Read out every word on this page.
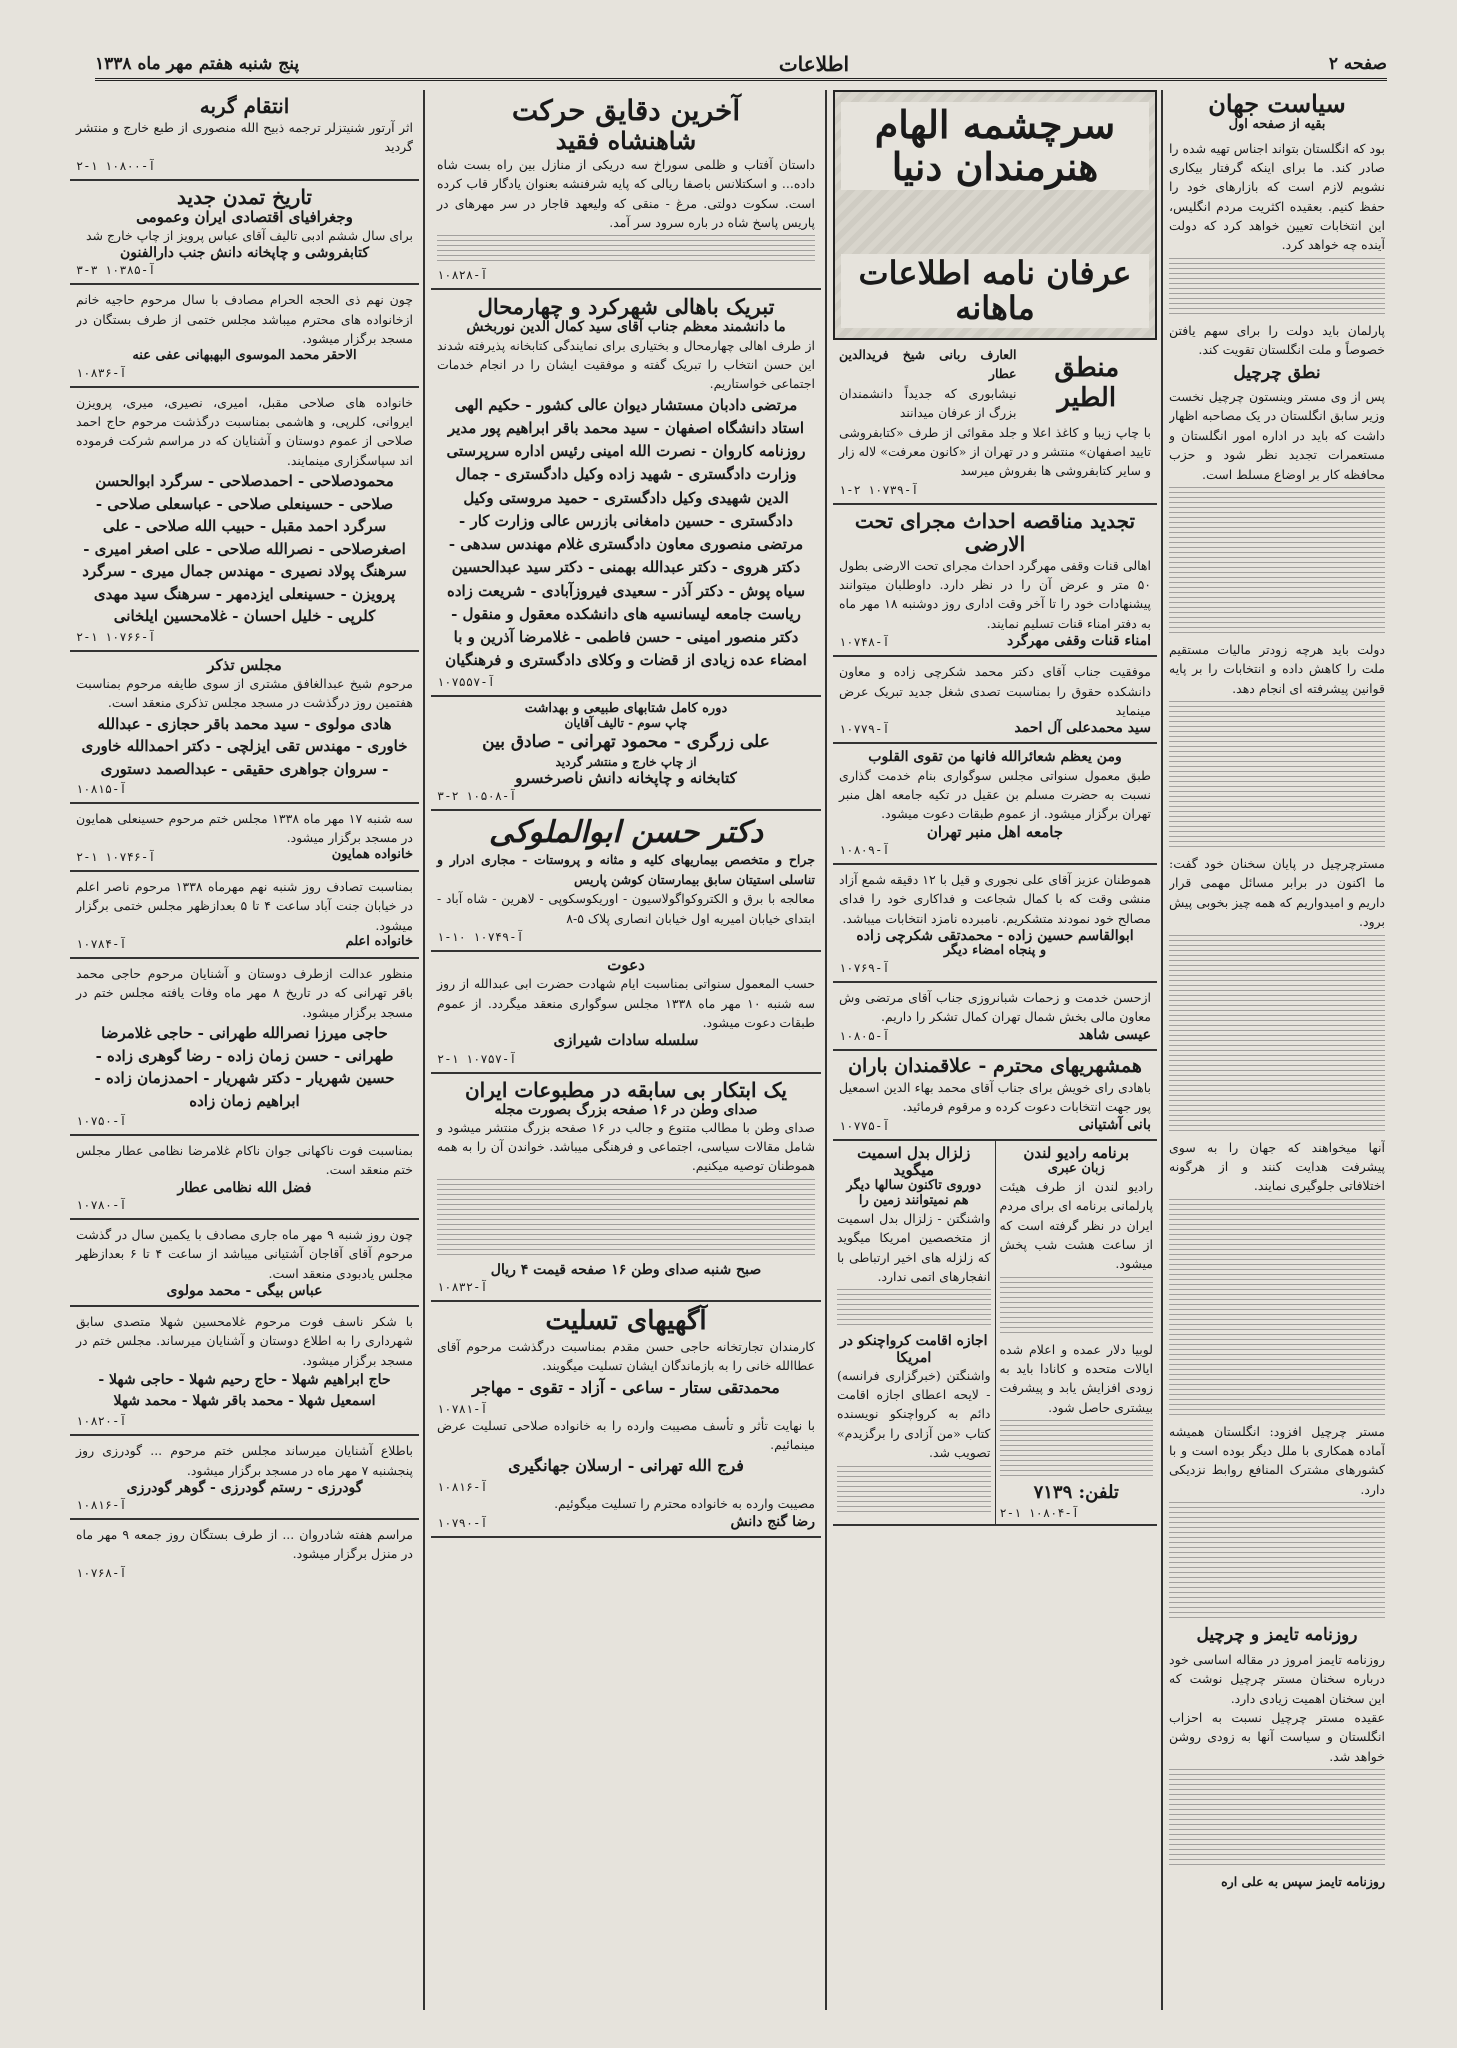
صفحه ۲
اطلاعات
پنج شنبه هفتم مهر ماه ۱۳۳۸
سیاست جهان
بقیه از صفحه اول
بود که انگلستان بتواند اجناس تهیه شده را صادر کند. ما برای اینکه گرفتار بیکاری نشویم لازم است که بازارهای خود را حفظ کنیم. بعقیده اکثریت مردم انگلیس، این انتخابات تعیین خواهد کرد که دولت آینده چه خواهد کرد.
پارلمان باید دولت را برای سهم یافتن خصوصاً و ملت انگلستان تقویت کند.
نطق چرچیل
پس از وی مستر وینستون چرچیل نخست وزیر سابق انگلستان در یک مصاحبه اظهار داشت که باید در اداره امور انگلستان و مستعمرات تجدید نظر شود و حزب محافظه کار بر اوضاع مسلط است.
دولت باید هرچه زودتر مالیات مستقیم ملت را کاهش داده و انتخابات را بر پایه قوانین پیشرفته ای انجام دهد.
مسترچرچیل در پایان سخنان خود گفت: ما اکنون در برابر مسائل مهمی قرار داریم و امیدواریم که همه چیز بخوبی پیش برود.
آنها میخواهند که جهان را به سوی پیشرفت هدایت کنند و از هرگونه اختلافاتی جلوگیری نمایند.
مستر چرچیل افزود: انگلستان همیشه آماده همکاری با ملل دیگر بوده است و با کشورهای مشترک المنافع روابط نزدیکی دارد.
روزنامه تایمز و چرچیل
روزنامه تایمز امروز در مقاله اساسی خود درباره سخنان مستر چرچیل نوشت که این سخنان اهمیت زیادی دارد.
عقیده مستر چرچیل نسبت به احزاب انگلستان و سیاست آنها به زودی روشن خواهد شد.
روزنامه تایمز سپس به علی اره
سرچشمه الهام هنرمندان دنیا
عرفان نامه اطلاعات ماهانه
منطق الطیر
العارف ربانی شیخ فریدالدین عطار
نیشابوری که جدیداً دانشمندان بزرگ از عرفان میدانند
با چاپ زیبا و کاغذ اعلا و جلد مقوائی از طرف «کتابفروشی تایید اصفهان» منتشر و در تهران از «کانون معرفت» لاله زار و سایر کتابفروشی ها بفروش میرسد
۱-۲ ۱۰۷۳۹-آ
تجدید مناقصه احداث مجرای تحت الارضی
اهالی قنات وقفی مهرگرد احداث مجرای تحت الارضی بطول ۵۰ متر و عرض آن را در نظر دارد. داوطلبان میتوانند پیشنهادات خود را تا آخر وقت اداری روز دوشنبه ۱۸ مهر ماه به دفتر امناء قنات تسلیم نمایند.
امناء قنات وقفی مهرگرد
۱۰۷۴۸-آ
موفقیت جناب آقای دکتر محمد شکرچی زاده و معاون دانشکده حقوق را بمناسبت تصدی شغل جدید تبریک عرض مینماید
سید محمدعلی آل احمد
۱۰۷۷۹-آ
ومن یعظم شعائرالله فانها من تقوی القلوب
طبق معمول سنواتی مجلس سوگواری بنام خدمت گذاری نسبت به حضرت مسلم بن عقیل در تکیه جامعه اهل منبر تهران برگزار میشود. از عموم طبقات دعوت میشود.
جامعه اهل منبر تهران
۱۰۸۰۹-آ
هموطنان عزیز آقای علی نجوری و قیل با ۱۲ دقیقه شمع آزاد منشی وقت که با کمال شجاعت و فداکاری خود را فدای مصالح خود نمودند متشکریم. نامبرده نامزد انتخابات میباشد.
ابوالقاسم حسین زاده - محمدتقی شکرچی زاده
و پنجاه امضاء دیگر
۱۰۷۶۹-آ
ازحسن خدمت و زحمات شبانروزی جناب آقای مرتضی وش معاون مالی بخش شمال تهران کمال تشکر را داریم.
عیسی شاهد
۱۰۸۰۵-آ
همشهریهای محترم - علاقمندان باران
باهادی رای خویش برای جناب آقای محمد بهاء الدین اسمعیل پور جهت انتخابات دعوت کرده و مرقوم فرمائید.
بانی آشتیانی
۱۰۷۷۵-آ
برنامه رادیو لندن
زبان عبری
رادیو لندن از طرف هیئت پارلمانی برنامه ای برای مردم ایران در نظر گرفته است که از ساعت هشت شب پخش میشود.
لوبیا دلار عمده و اعلام شده ایالات متحده و کانادا باید به زودی افزایش یابد و پیشرفت بیشتری حاصل شود.
تلفن: ۷۱۳۹
۲-۱ ۱۰۸۰۴-آ
زلزال بدل اسمیت میگوید
دوروی تاکنون سالها دیگر هم نمیتوانند زمین را
واشنگتن - زلزال بدل اسمیت از متخصصین امریکا میگوید که زلزله های اخیر ارتباطی با انفجارهای اتمی ندارد.
اجازه اقامت کرواچنکو در امریکا
واشنگتن (خبرگزاری فرانسه) - لایحه اعطای اجازه اقامت دائم به کرواچنکو نویسنده کتاب «من آزادی را برگزیدم» تصویب شد.
آخرین دقایق حرکت
شاهنشاه فقید
داستان آفتاب و ظلمی سوراخ سه دریکی از منازل بین راه بست شاه داده... و اسکتلانس باصفا ریالی که پایه شرفنشه بعنوان یادگار قاب کرده است. سکوت دولتی. مرغ - منقی که ولیعهد قاجار در سر مهرهای در پاریس پاسخ شاه در باره سرود سر آمد.
۱۰۸۲۸-آ
تبریک باهالی شهرکرد و چهارمحال
ما دانشمند معظم جناب آقای سید کمال الدین نوربخش
از طرف اهالی چهارمحال و بختیاری برای نمایندگی کتابخانه پذیرفته شدند این حسن انتخاب را تبریک گفته و موفقیت ایشان را در انجام خدمات اجتماعی خواستاریم.
مرتضی دادبان مستشار دیوان عالی کشور - حکیم الهی استاد دانشگاه اصفهان - سید محمد باقر ابراهیم پور مدیر روزنامه کاروان - نصرت الله امینی رئیس اداره سرپرستی وزارت دادگستری - شهید زاده وکیل دادگستری - جمال الدین شهیدی وکیل دادگستری - حمید مروستی وکیل دادگستری - حسین دامغانی بازرس عالی وزارت کار - مرتضی منصوری معاون دادگستری غلام مهندس سدهی - دکتر هروی - دکتر عبدالله بهمنی - دکتر سید عبدالحسین سیاه پوش - دکتر آذر - سعیدی فیروزآبادی - شریعت زاده ریاست جامعه لیسانسیه های دانشکده معقول و منقول - دکتر منصور امینی - حسن فاطمی - غلامرضا آذرین و با امضاء عده زیادی از قضات و وکلای دادگستری و فرهنگیان
۱۰۷۵۵۷-آ
دوره کامل شتابهای طبیعی و بهداشت
چاپ سوم - تالیف آقایان
علی زرگری - محمود تهرانی - صادق بین
از چاپ خارج و منتشر گردید
کتابخانه و چاپخانه دانش ناصرخسرو
۳-۲ ۱۰۵۰۸-آ
دکتر حسن ابوالملوکی
جراح و متخصص بیماریهای کلیه و مثانه و پروستات - مجاری ادرار و تناسلی استیتان سابق بیمارستان کوشن پاریس
معالجه با برق و الکتروکواگولاسیون - اوریکوسکوپی - لاهرین - شاه آباد - ابتدای خیابان امیریه اول خیابان انصاری پلاک ۵-۸
۱-۱۰ ۱۰۷۴۹-آ
دعوت
حسب المعمول سنواتی بمناسبت ایام شهادت حضرت ابی عبدالله از روز سه شنبه ۱۰ مهر ماه ۱۳۳۸ مجلس سوگواری منعقد میگردد. از عموم طبقات دعوت میشود.
سلسله سادات شیرازی
۲-۱ ۱۰۷۵۷-آ
یک ابتکار بی سابقه در مطبوعات ایران
صدای وطن در ۱۶ صفحه بزرگ بصورت مجله
صدای وطن با مطالب متنوع و جالب در ۱۶ صفحه بزرگ منتشر میشود و شامل مقالات سیاسی، اجتماعی و فرهنگی میباشد. خواندن آن را به همه هموطنان توصیه میکنیم.
صبح شنبه صدای وطن ۱۶ صفحه قیمت ۴ ریال
۱۰۸۳۲-آ
آگهیهای تسلیت
کارمندان تجارتخانه حاجی حسن مقدم بمناسبت درگذشت مرحوم آقای عطاالله خانی را به بازماندگان ایشان تسلیت میگویند.
محمدتقی ستار - ساعی - آزاد - تقوی - مهاجر
۱۰۷۸۱-آ
با نهایت تأثر و تأسف مصیبت وارده را به خانواده صلاحی تسلیت عرض مینمائیم.
فرج الله تهرانی - ارسلان جهانگیری
۱۰۸۱۶-آ
مصیبت وارده به خانواده محترم را تسلیت میگوئیم.
رضا گنج دانش
۱۰۷۹۰-آ
انتقام گربه
اثر آرتور شنیتزلر ترجمه ذبیح الله منصوری از طبع خارج و منتشر گردید
۲-۱ ۱۰۸۰۰-آ
تاریخ تمدن جدید
وجغرافیای اقتصادی ایران وعمومی
برای سال ششم ادبی تالیف آقای عباس پرویز از چاپ خارج شد
کتابفروشی و چاپخانه دانش جنب دارالفنون
۳-۳ ۱۰۳۸۵-آ
چون نهم ذی الحجه الحرام مصادف با سال مرحوم حاجیه خانم ازخانواده های محترم میباشد مجلس ختمی از طرف بستگان در مسجد برگزار میشود.
الاحقر محمد الموسوی البهبهانی عفی عنه
۱۰۸۳۶-آ
خانواده های صلاحی مقبل، امیری، نصیری، میری، پرویزن ایروانی، کلرپی، و هاشمی بمناسبت درگذشت مرحوم حاج احمد صلاحی از عموم دوستان و آشنایان که در مراسم شرکت فرموده اند سپاسگزاری مینمایند.
محمودصلاحی - احمدصلاحی - سرگرد ابوالحسن صلاحی - حسینعلی صلاحی - عباسعلی صلاحی - سرگرد احمد مقبل - حبیب الله صلاحی - علی اصغرصلاحی - نصرالله صلاحی - علی اصغر امیری - سرهنگ پولاد نصیری - مهندس جمال میری - سرگرد پرویزن - حسینعلی ایزدمهر - سرهنگ سید مهدی کلرپی - خلیل احسان - غلامحسین ایلخانی
۲-۱ ۱۰۷۶۶-آ
مجلس تذکر
مرحوم شیخ عبدالغافق مشتری از سوی طایفه مرحوم بمناسبت هفتمین روز درگذشت در مسجد مجلس تذکری منعقد است.
هادی مولوی - سید محمد باقر حجازی - عبدالله خاوری - مهندس تقی ایزلچی - دکتر احمدالله خاوری - سروان جواهری حقیقی - عبدالصمد دستوری
۱۰۸۱۵-آ
سه شنبه ۱۷ مهر ماه ۱۳۳۸ مجلس ختم مرحوم حسینعلی همایون در مسجد برگزار میشود.
خانواده همایون
۲-۱ ۱۰۷۴۶-آ
بمناسبت تصادف روز شنبه نهم مهرماه ۱۳۳۸ مرحوم ناصر اعلم در خیابان جنت آباد ساعت ۴ تا ۵ بعدازظهر مجلس ختمی برگزار میشود.
خانواده اعلم
۱۰۷۸۴-آ
منظور عدالت ازطرف دوستان و آشنایان مرحوم حاجی محمد باقر تهرانی که در تاریخ ۸ مهر ماه وفات یافته مجلس ختم در مسجد برگزار میشود.
حاجی میرزا نصرالله طهرانی - حاجی غلامرضا طهرانی - حسن زمان زاده - رضا گوهری زاده - حسین شهریار - دکتر شهریار - احمدزمان زاده - ابراهیم زمان زاده
۱۰۷۵۰-آ
بمناسبت فوت ناکهانی جوان ناکام غلامرضا نظامی عطار مجلس ختم منعقد است.
فضل الله نظامی عطار
۱۰۷۸۰-آ
چون روز شنبه ۹ مهر ماه جاری مصادف با یکمین سال در گذشت مرحوم آقای آقاجان آشتیانی میباشد از ساعت ۴ تا ۶ بعدازظهر مجلس یادبودی منعقد است.
عباس بیگی - محمد مولوی
با شکر ناسف فوت مرحوم غلامحسین شهلا متصدی سابق شهرداری را به اطلاع دوستان و آشنایان میرساند. مجلس ختم در مسجد برگزار میشود.
حاج ابراهیم شهلا - حاج رحیم شهلا - حاجی شهلا - اسمعیل شهلا - محمد باقر شهلا - محمد شهلا
۱۰۸۲۰-آ
باطلاع آشنایان میرساند مجلس ختم مرحوم ... گودرزی روز پنجشنبه ۷ مهر ماه در مسجد برگزار میشود.
گودرزی - رستم گودرزی - گوهر گودرزی
۱۰۸۱۶-آ
مراسم هفته شادروان ... از طرف بستگان روز جمعه ۹ مهر ماه در منزل برگزار میشود.
۱۰۷۶۸-آ
